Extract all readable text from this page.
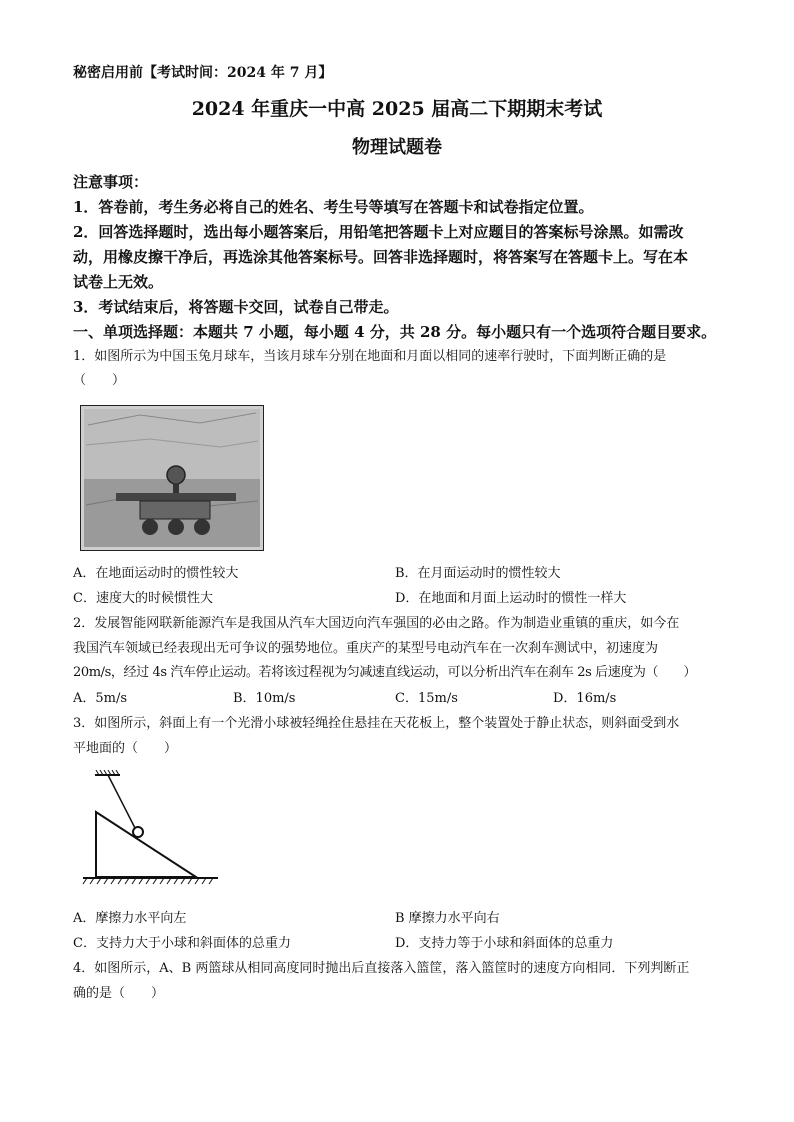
秘密启用前【考试时间：2024 年 7 月】
2024 年重庆一中高 2025 届高二下期期末考试
物理试题卷
注意事项：
1．答卷前，考生务必将自己的姓名、考生号等填写在答题卡和试卷指定位置。
2．回答选择题时，选出每小题答案后，用铅笔把答题卡上对应题目的答案标号涂黑。如需改
动，用橡皮擦干净后，再选涂其他答案标号。回答非选择题时，将答案写在答题卡上。写在本
试卷上无效。
3．考试结束后，将答题卡交回，试卷自己带走。
一、单项选择题：本题共 7 小题，每小题 4 分，共 28 分。每小题只有一个选项符合题目要求。
1．如图所示为中国玉兔月球车，当该月球车分别在地面和月面以相同的速率行驶时，下面判断正确的是
（　　）
A．在地面运动时的惯性较大	B．在月面运动时的惯性较大
C．速度大的时候惯性大	D．在地面和月面上运动时的惯性一样大
2．发展智能网联新能源汽车是我国从汽车大国迈向汽车强国的必由之路。作为制造业重镇的重庆，如今在
我国汽车领域已经表现出无可争议的强势地位。重庆产的某型号电动汽车在一次刹车测试中，初速度为
20m/s，经过 4s 汽车停止运动。若将该过程视为匀减速直线运动，可以分析出汽车在刹车 2s 后速度为（　　）
A．5m/s	B．10m/s	C．15m/s	D．16m/s
3．如图所示，斜面上有一个光滑小球被轻绳拴住悬挂在天花板上，整个装置处于静止状态，则斜面受到水
平地面的（　　）
A．摩擦力水平向左	B 摩擦力水平向右
C．支持力大于小球和斜面体的总重力	D．支持力等于小球和斜面体的总重力
4．如图所示，A、B 两篮球从相同高度同时抛出后直接落入篮筐，落入篮筐时的速度方向相同．下列判断正
确的是（　　）
